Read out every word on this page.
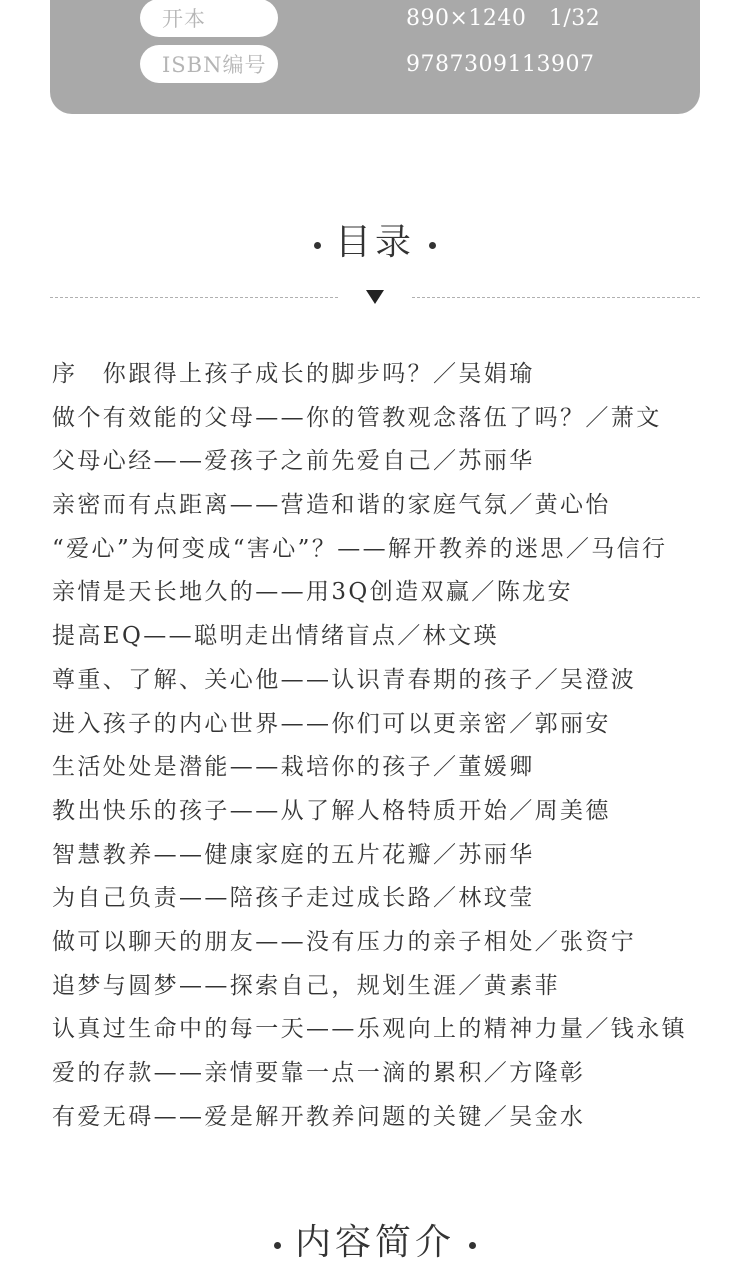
开本	890×1240   1/32
ISBN编号	9787309113907
目录
序　你跟得上孩子成长的脚步吗？／吴娟瑜
做个有效能的父母——你的管教观念落伍了吗？／萧文
父母心经——爱孩子之前先爱自己／苏丽华
亲密而有点距离——营造和谐的家庭气氛／黄心怡
“爱心”为何变成“害心”？——解开教养的迷思／马信行
亲情是天长地久的——用3Q创造双赢／陈龙安
提高EQ——聪明走出情绪盲点／林文瑛
尊重、了解、关心他——认识青春期的孩子／吴澄波
进入孩子的内心世界——你们可以更亲密／郭丽安
生活处处是潜能——栽培你的孩子／董媛卿
教出快乐的孩子——从了解人格特质开始／周美德
智慧教养——健康家庭的五片花瓣／苏丽华
为自己负责——陪孩子走过成长路／林玟莹
做可以聊天的朋友——没有压力的亲子相处／张资宁
追梦与圆梦——探索自己，规划生涯／黄素菲
认真过生命中的每一天——乐观向上的精神力量／钱永镇
爱的存款——亲情要靠一点一滴的累积／方隆彰
有爱无碍——爱是解开教养问题的关键／吴金水
内容简介
